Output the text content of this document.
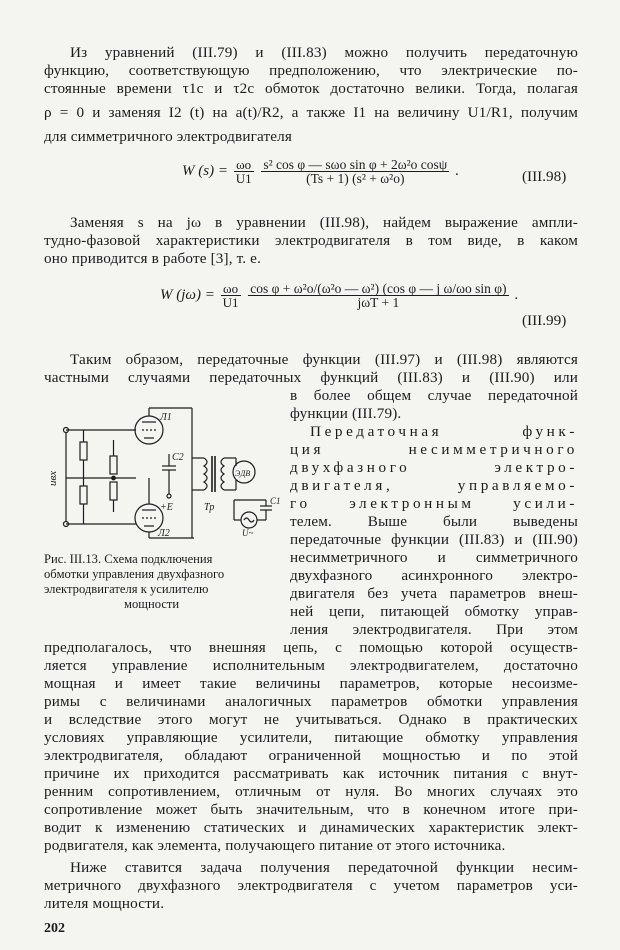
Из уравнений (III.79) и (III.83) можно получить передаточную
функцию, соответствующую предположению, что электрические по-
стоянные времени τ1с и τ2с обмоток достаточно велики. Тогда, полагая
ρ = 0 и заменяя I2 (t) на a(t)/R2, а также I1 на величину U1/R1, получим
для симметричного электродвигателя
W $(s) = \frac{\omega о}{U1}$
$\frac{\text{s² cos φ — sωо sin φ + 2ω²о cosψ}}{\text{(Ts + 1) (s² + ω²о)}}$ .	(III.98)
Заменяя s на jω в уравнении (III.98), найдем выражение ампли-
тудно-фазовой характеристики электродвигателя в том виде, в каком
оно приводится в работе [3], т. е.
W $(j\omega) = \frac{\omega о}{U1}$
$\frac{\text{cos φ + ω²о/(ω²о — ω²) (cos φ — j ω/ωо sin φ)}}{\text{jωT + 1}}$ .
(III.99)
Таким образом, передаточные функции (III.97) и (III.98) являются
частными случаями передаточных функций (III.83) и (III.90) или
в более общем случае передаточной
функции (III.79).
Передаточная функ-
ция несимметричного
двухфазного электро-
двигателя, управляемо-
го электронным усили-
телем. Выше были выведены
передаточные функции (III.83) и (III.90)
несимметричного и симметричного
двухфазного асинхронного электро-
двигателя без учета параметров внеш-
ней цепи, питающей обмотку управ-
ления электродвигателя. При этом
uвх
Л1
Л2
C2
+E	Тр
ЭДВ
U~
C1
Рис. III.13. Схема подключения
обмотки управления двухфазного
электродвигателя к усилителю
мощности
предполагалось, что внешняя цепь, с помощью которой осуществ-
ляется управление исполнительным электродвигателем, достаточно
мощная и имеет такие величины параметров, которые несоизме-
римы с величинами аналогичных параметров обмотки управления
и вследствие этого могут не учитываться. Однако в практических
условиях управляющие усилители, питающие обмотку управления
электродвигателя, обладают ограниченной мощностью и по этой
причине их приходится рассматривать как источник питания с внут-
ренним сопротивлением, отличным от нуля. Во многих случаях это
сопротивление может быть значительным, что в конечном итоге при-
водит к изменению статических и динамических характеристик элект-
родвигателя, как элемента, получающего питание от этого источника.
Ниже ставится задача получения передаточной функции несим-
метричного двухфазного электродвигателя с учетом параметров уси-
лителя мощности.
202
